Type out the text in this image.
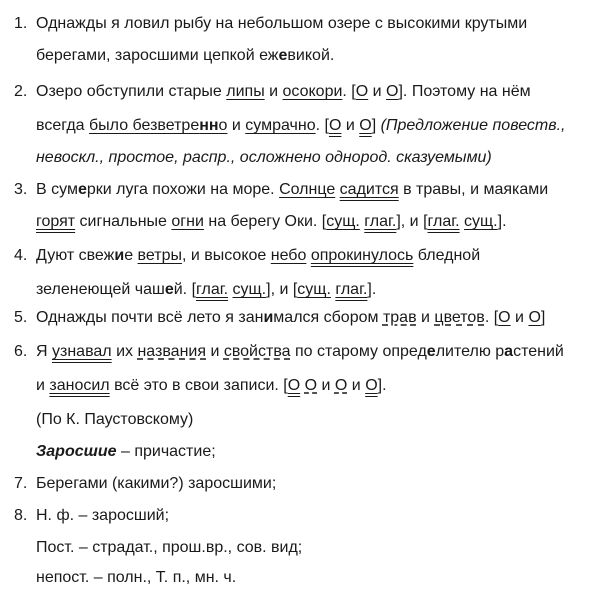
1. Однажды я ловил рыбу на небольшом озере с высокими крутыми
берегами, заросшими цепкой ежевикой.
2. Озеро обступили старые липы и осокори. [О и О]. Поэтому на нём
всегда было безветренно и сумрачно. [О и О] (Предложение повеств.,
невоскл., простое, распр., осложнено однород. сказуемыми)
3. В сумерки луга похожи на море. Солнце садится в травы, и маяками
горят сигнальные огни на берегу Оки. [сущ. глаг.], и [глаг. сущ.].
4. Дуют свежие ветры, и высокое небо опрокинулось бледной
зеленеющей чашей. [глаг. сущ.], и [сущ. глаг.].
5. Однажды почти всё лето я занимался сбором трав и цветов. [О и О]
6. Я узнавал их названия и свойства по старому определителю растений
и заносил всё это в свои записи. [О О и О и О].
(По К. Паустовскому)
Заросшие – причастие;
7. Берегами (какими?) заросшими;
8. Н. ф. – заросший;
Пост. – страдат., прош.вр., сов. вид;
непост. – полн., Т. п., мн. ч.
